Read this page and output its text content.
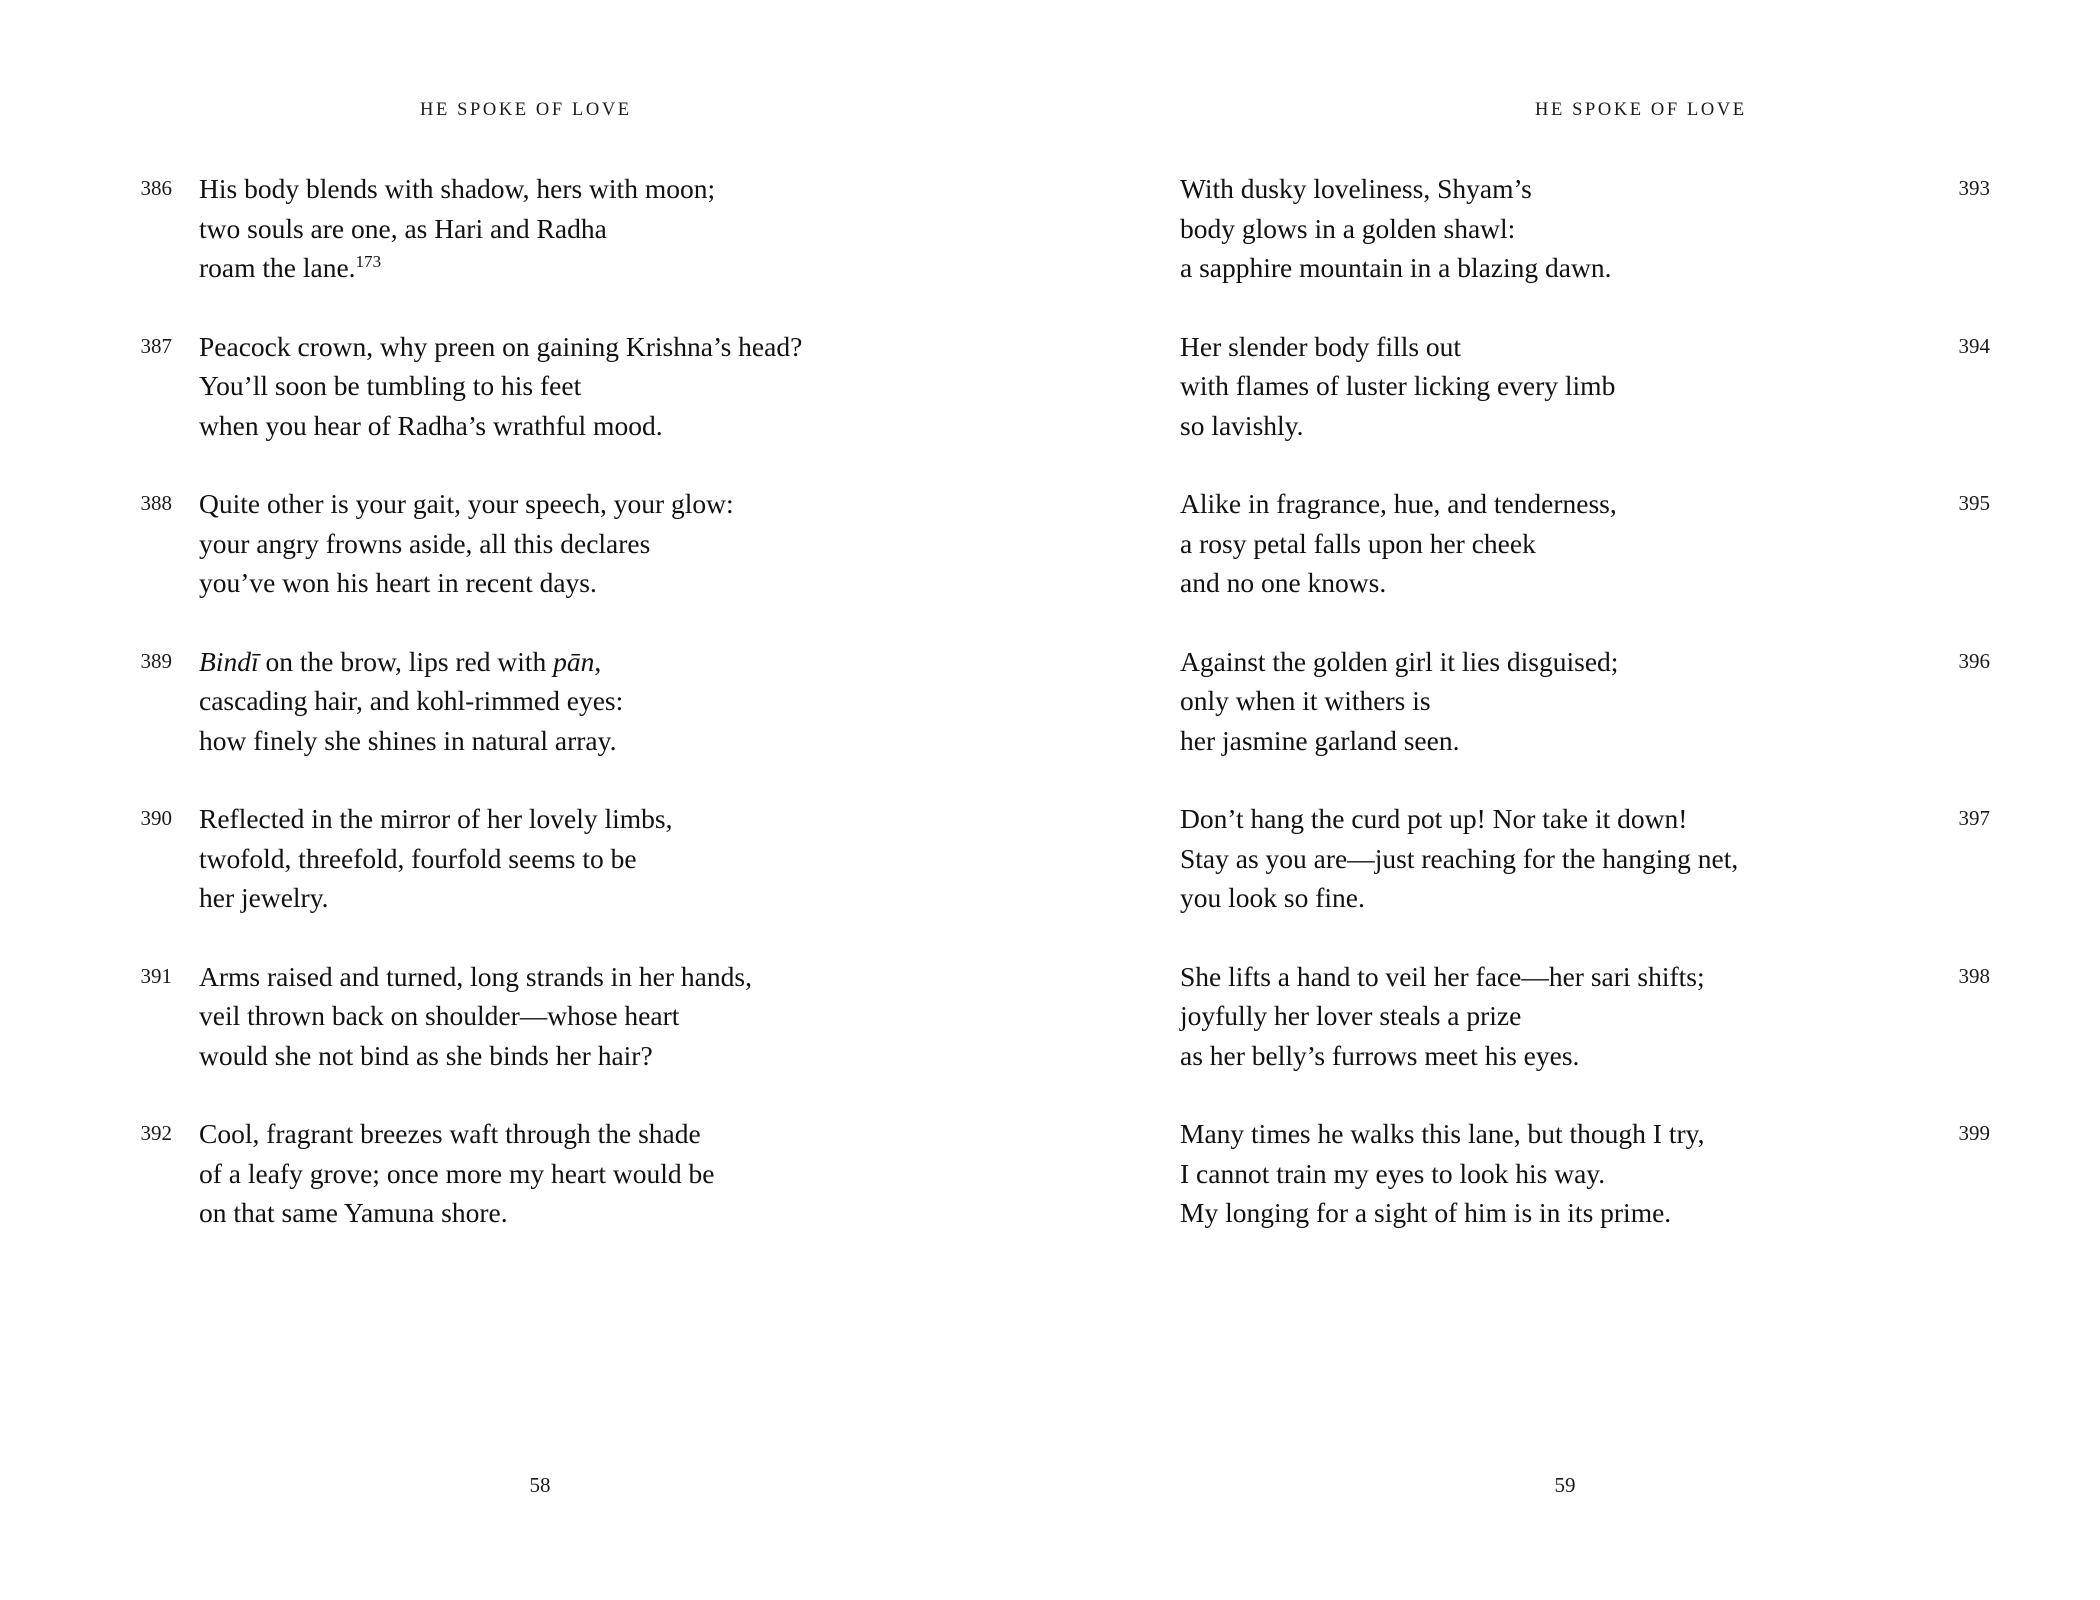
HE SPOKE OF LOVE
386 His body blends with shadow, hers with moon;
two souls are one, as Hari and Radha
roam the lane.$^{173}$
387 Peacock crown, why preen on gaining Krishna’s head?
You’ll soon be tumbling to his feet
when you hear of Radha’s wrathful mood.
388 Quite other is your gait, your speech, your glow:
your angry frowns aside, all this declares
you’ve won his heart in recent days.
389 Bindī on the brow, lips red with pān,
cascading hair, and kohl-rimmed eyes:
how finely she shines in natural array.
390 Reflected in the mirror of her lovely limbs,
twofold, threefold, fourfold seems to be
her jewelry.
391 Arms raised and turned, long strands in her hands,
veil thrown back on shoulder—whose heart
would she not bind as she binds her hair?
392 Cool, fragrant breezes waft through the shade
of a leafy grove; once more my heart would be
on that same Yamuna shore.
58
HE SPOKE OF LOVE
With dusky loveliness, Shyam’s
body glows in a golden shawl:
a sapphire mountain in a blazing dawn.
393
Her slender body fills out
with flames of luster licking every limb
so lavishly.
394
Alike in fragrance, hue, and tenderness,
a rosy petal falls upon her cheek
and no one knows.
395
Against the golden girl it lies disguised;
only when it withers is
her jasmine garland seen.
396
Don’t hang the curd pot up! Nor take it down!
Stay as you are—just reaching for the hanging net,
you look so fine.
397
She lifts a hand to veil her face—her sari shifts;
joyfully her lover steals a prize
as her belly’s furrows meet his eyes.
398
Many times he walks this lane, but though I try,
I cannot train my eyes to look his way.
My longing for a sight of him is in its prime.
399
59
